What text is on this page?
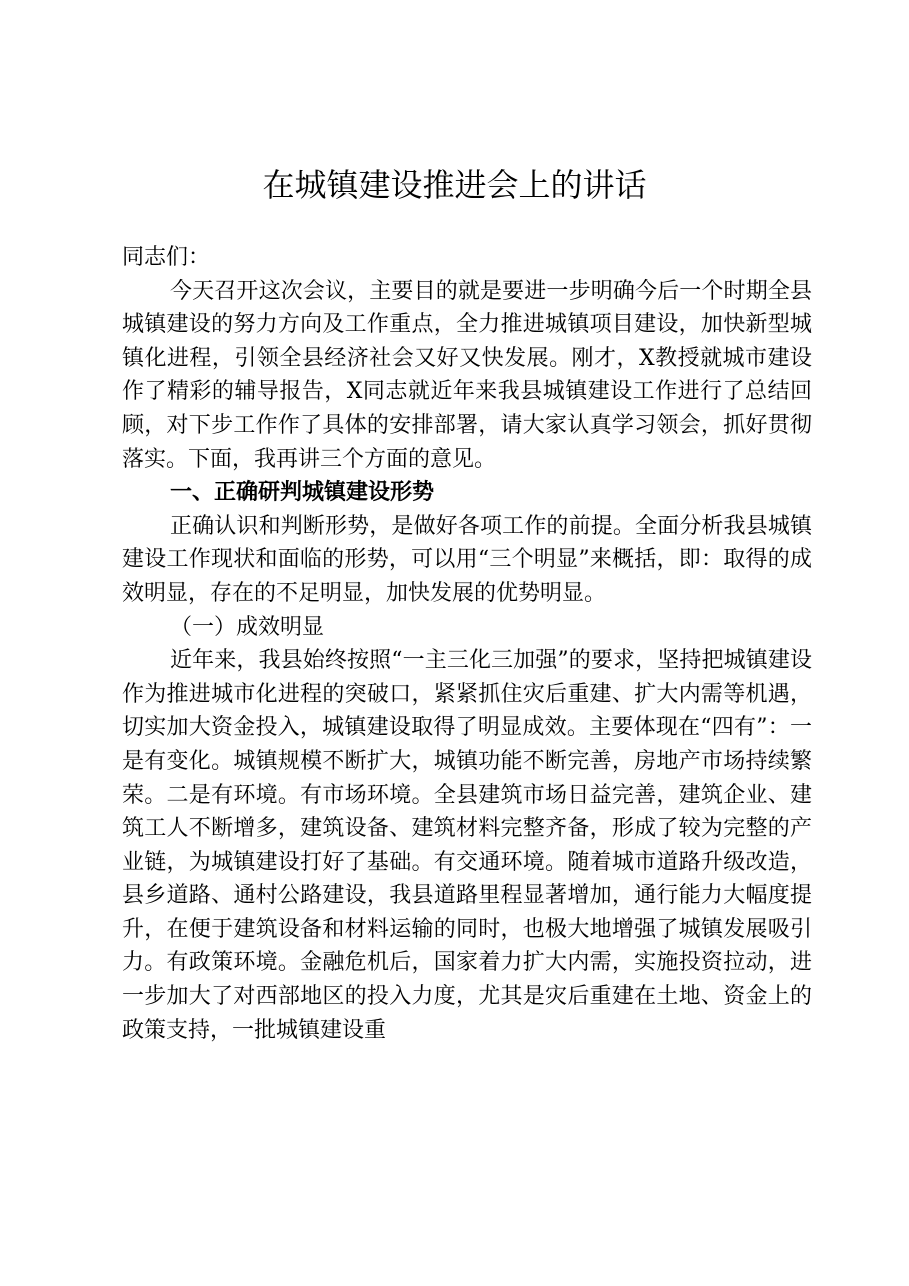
在城镇建设推进会上的讲话

同志们：

今天召开这次会议，主要目的就是要进一步明确今后一个时期全县城镇建设的努力方向及工作重点，全力推进城镇项目建设，加快新型城镇化进程，引领全县经济社会又好又快发展。刚才，X教授就城市建设作了精彩的辅导报告，X同志就近年来我县城镇建设工作进行了总结回顾，对下步工作作了具体的安排部署，请大家认真学习领会，抓好贯彻落实。下面，我再讲三个方面的意见。

一、正确研判城镇建设形势

正确认识和判断形势，是做好各项工作的前提。全面分析我县城镇建设工作现状和面临的形势，可以用“三个明显”来概括，即：取得的成效明显，存在的不足明显，加快发展的优势明显。

（一）成效明显

近年来，我县始终按照“一主三化三加强”的要求，坚持把城镇建设作为推进城市化进程的突破口，紧紧抓住灾后重建、扩大内需等机遇，切实加大资金投入，城镇建设取得了明显成效。主要体现在“四有”：一是有变化。城镇规模不断扩大，城镇功能不断完善，房地产市场持续繁荣。二是有环境。有市场环境。全县建筑市场日益完善，建筑企业、建筑工人不断增多，建筑设备、建筑材料完整齐备，形成了较为完整的产业链，为城镇建设打好了基础。有交通环境。随着城市道路升级改造，县乡道路、通村公路建设，我县道路里程显著增加，通行能力大幅度提升，在便于建筑设备和材料运输的同时，也极大地增强了城镇发展吸引力。有政策环境。金融危机后，国家着力扩大内需，实施投资拉动，进一步加大了对西部地区的投入力度，尤其是灾后重建在土地、资金上的政策支持，一批城镇建设重
